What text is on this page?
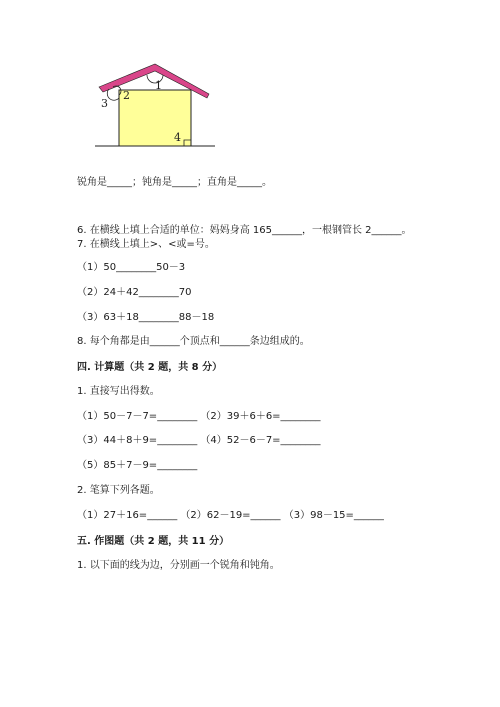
1
2
3
4
锐角是_____；钝角是_____；直角是_____。
6. 在横线上填上合适的单位：妈妈身高 165______，一根钢管长 2______。
7. 在横线上填上>、<或=号。
（1）50________50－3
（2）24＋42________70
（3）63＋18________88－18
8. 每个角都是由______个顶点和______条边组成的。
四. 计算题（共 2 题，共 8 分）
1. 直接写出得数。
（1）50－7－7=________ （2）39＋6＋6=________
（3）44＋8＋9=________ （4）52－6－7=________
（5）85＋7－9=________
2. 笔算下列各题。
（1）27＋16=______ （2）62－19=______ （3）98－15=______
五. 作图题（共 2 题，共 11 分）
1. 以下面的线为边，分别画一个锐角和钝角。
